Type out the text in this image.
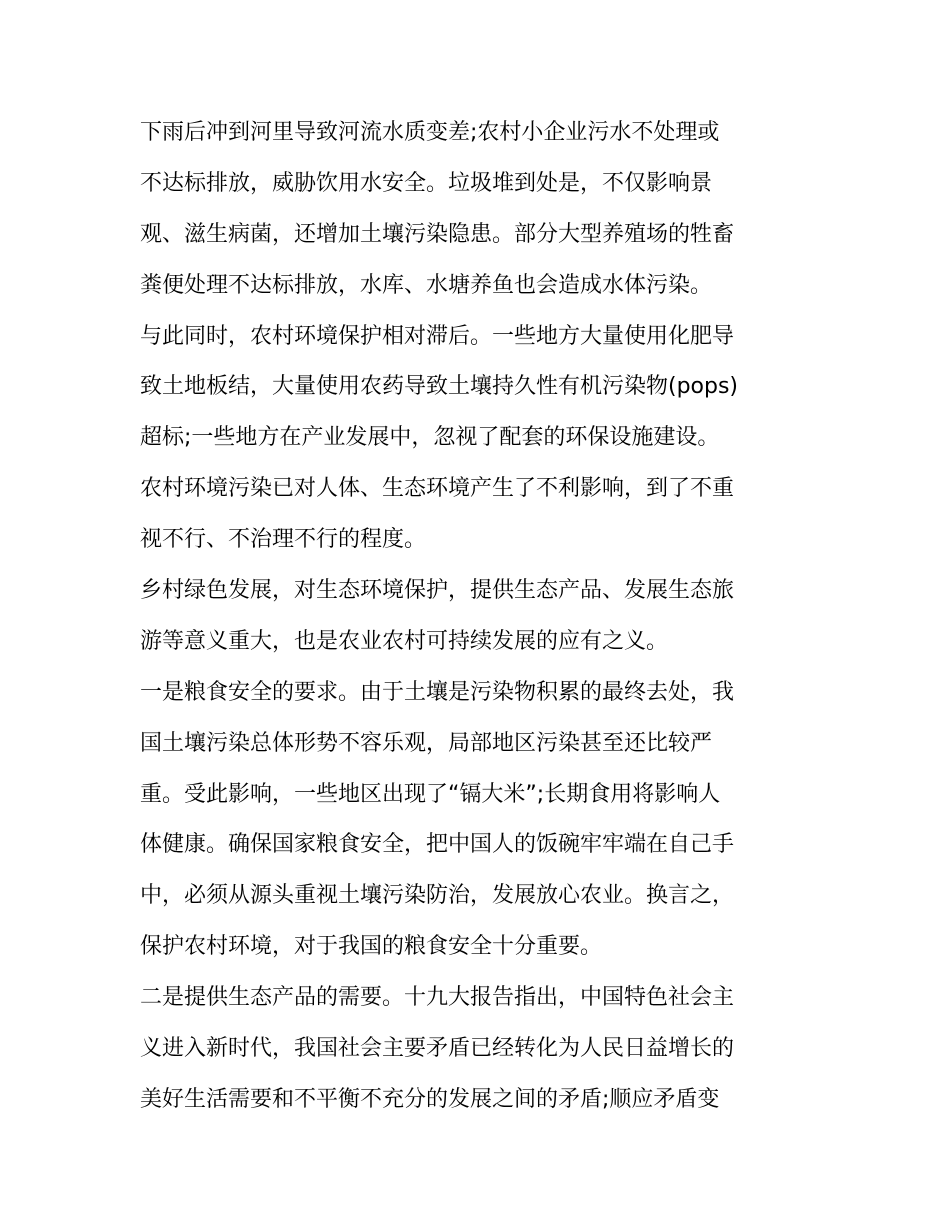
下雨后冲到河里导致河流水质变差;农村小企业污水不处理或
不达标排放，威胁饮用水安全。垃圾堆到处是，不仅影响景
观、滋生病菌，还增加土壤污染隐患。部分大型养殖场的牲畜
粪便处理不达标排放，水库、水塘养鱼也会造成水体污染。
与此同时，农村环境保护相对滞后。一些地方大量使用化肥导
致土地板结，大量使用农药导致土壤持久性有机污染物(pops)
超标;一些地方在产业发展中，忽视了配套的环保设施建设。
农村环境污染已对人体、生态环境产生了不利影响，到了不重
视不行、不治理不行的程度。
乡村绿色发展，对生态环境保护，提供生态产品、发展生态旅
游等意义重大，也是农业农村可持续发展的应有之义。
一是粮食安全的要求。由于土壤是污染物积累的最终去处，我
国土壤污染总体形势不容乐观，局部地区污染甚至还比较严
重。受此影响，一些地区出现了“镉大米”;长期食用将影响人
体健康。确保国家粮食安全，把中国人的饭碗牢牢端在自己手
中，必须从源头重视土壤污染防治，发展放心农业。换言之，
保护农村环境，对于我国的粮食安全十分重要。
二是提供生态产品的需要。十九大报告指出，中国特色社会主
义进入新时代，我国社会主要矛盾已经转化为人民日益增长的
美好生活需要和不平衡不充分的发展之间的矛盾;顺应矛盾变
